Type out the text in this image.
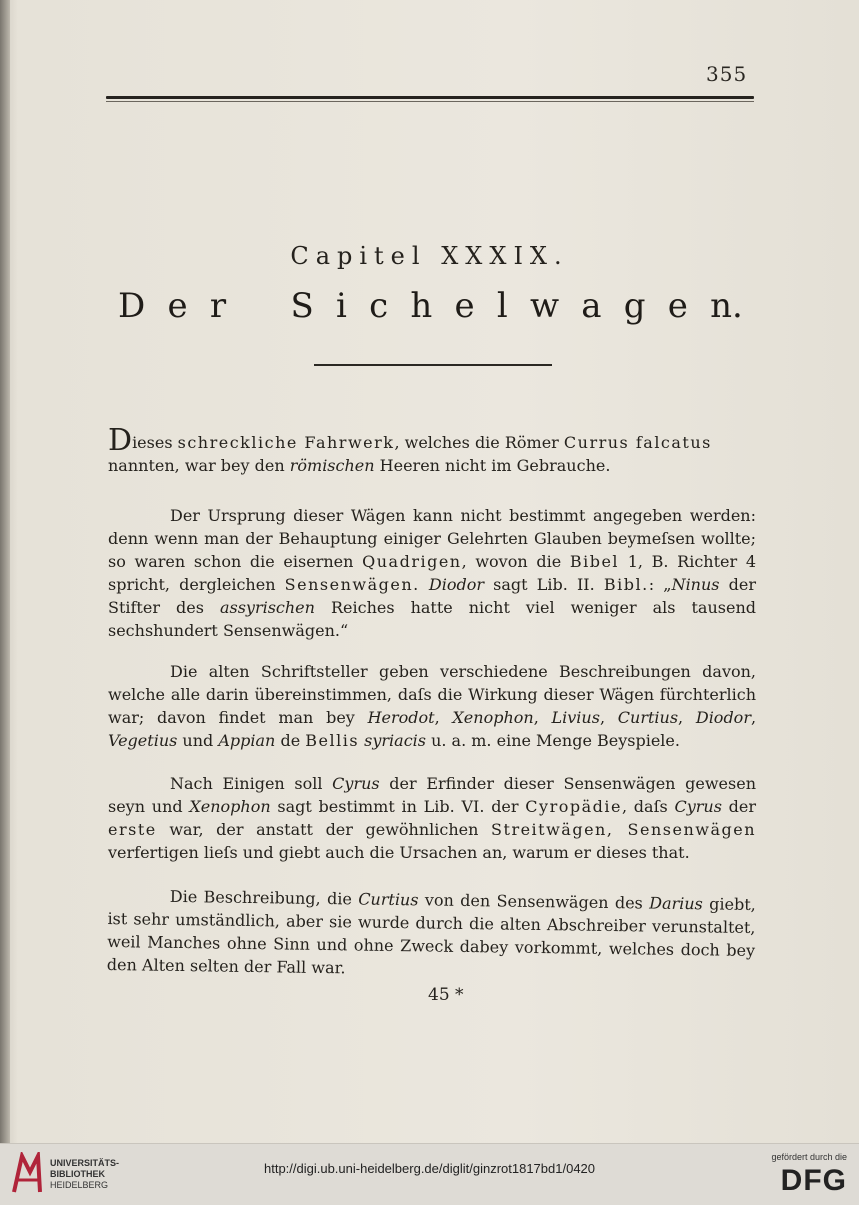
355
Capitel XXXIX.
D e r S i c h e l w a g e n.

Dieses schreckliche Fahrwerk, welches die Römer Currus falcatus
nannten, war bey den römischen Heeren nicht im Gebrauche.

Der Ursprung dieser Wägen kann nicht bestimmt angegeben werden: denn wenn man der Behauptung einiger Gelehrten Glauben beymeſsen wollte; so waren schon die eisernen Quadrigen, wovon die Bibel 1, B. Richter 4 spricht, dergleichen Sensenwägen. Diodor sagt Lib. II. Bibl.: „Ninus der Stifter des assyrischen Reiches hatte nicht viel weniger als tausend sechshundert Sensenwägen.“

Die alten Schriftsteller geben verschiedene Beschreibungen davon, welche alle darin übereinstimmen, daſs die Wirkung dieser Wägen fürchterlich war; davon findet man bey Herodot, Xenophon, Livius, Curtius, Diodor, Vegetius und Appian de Bellis syriacis u. a. m. eine Menge Beyspiele.

Nach Einigen soll Cyrus der Erfinder dieser Sensenwägen gewesen seyn und Xenophon sagt bestimmt in Lib. VI. der Cyropädie, daſs Cyrus der erste war, der anstatt der gewöhnlichen Streitwägen, Sensenwägen verfertigen lieſs und giebt auch die Ursachen an, warum er dieses that.

Die Beschreibung, die Curtius von den Sensenwägen des Darius giebt, ist sehr umständlich, aber sie wurde durch die alten Abschreiber verunstaltet, weil Manches ohne Sinn und ohne Zweck dabey vorkommt, welches doch bey den Alten selten der Fall war.

45 *
UNIVERSITÄTS-
BIBLIOTHEK
HEIDELBERG
http://digi.ub.uni-heidelberg.de/diglit/ginzrot1817bd1/0420
gefördert durch die
DFG
